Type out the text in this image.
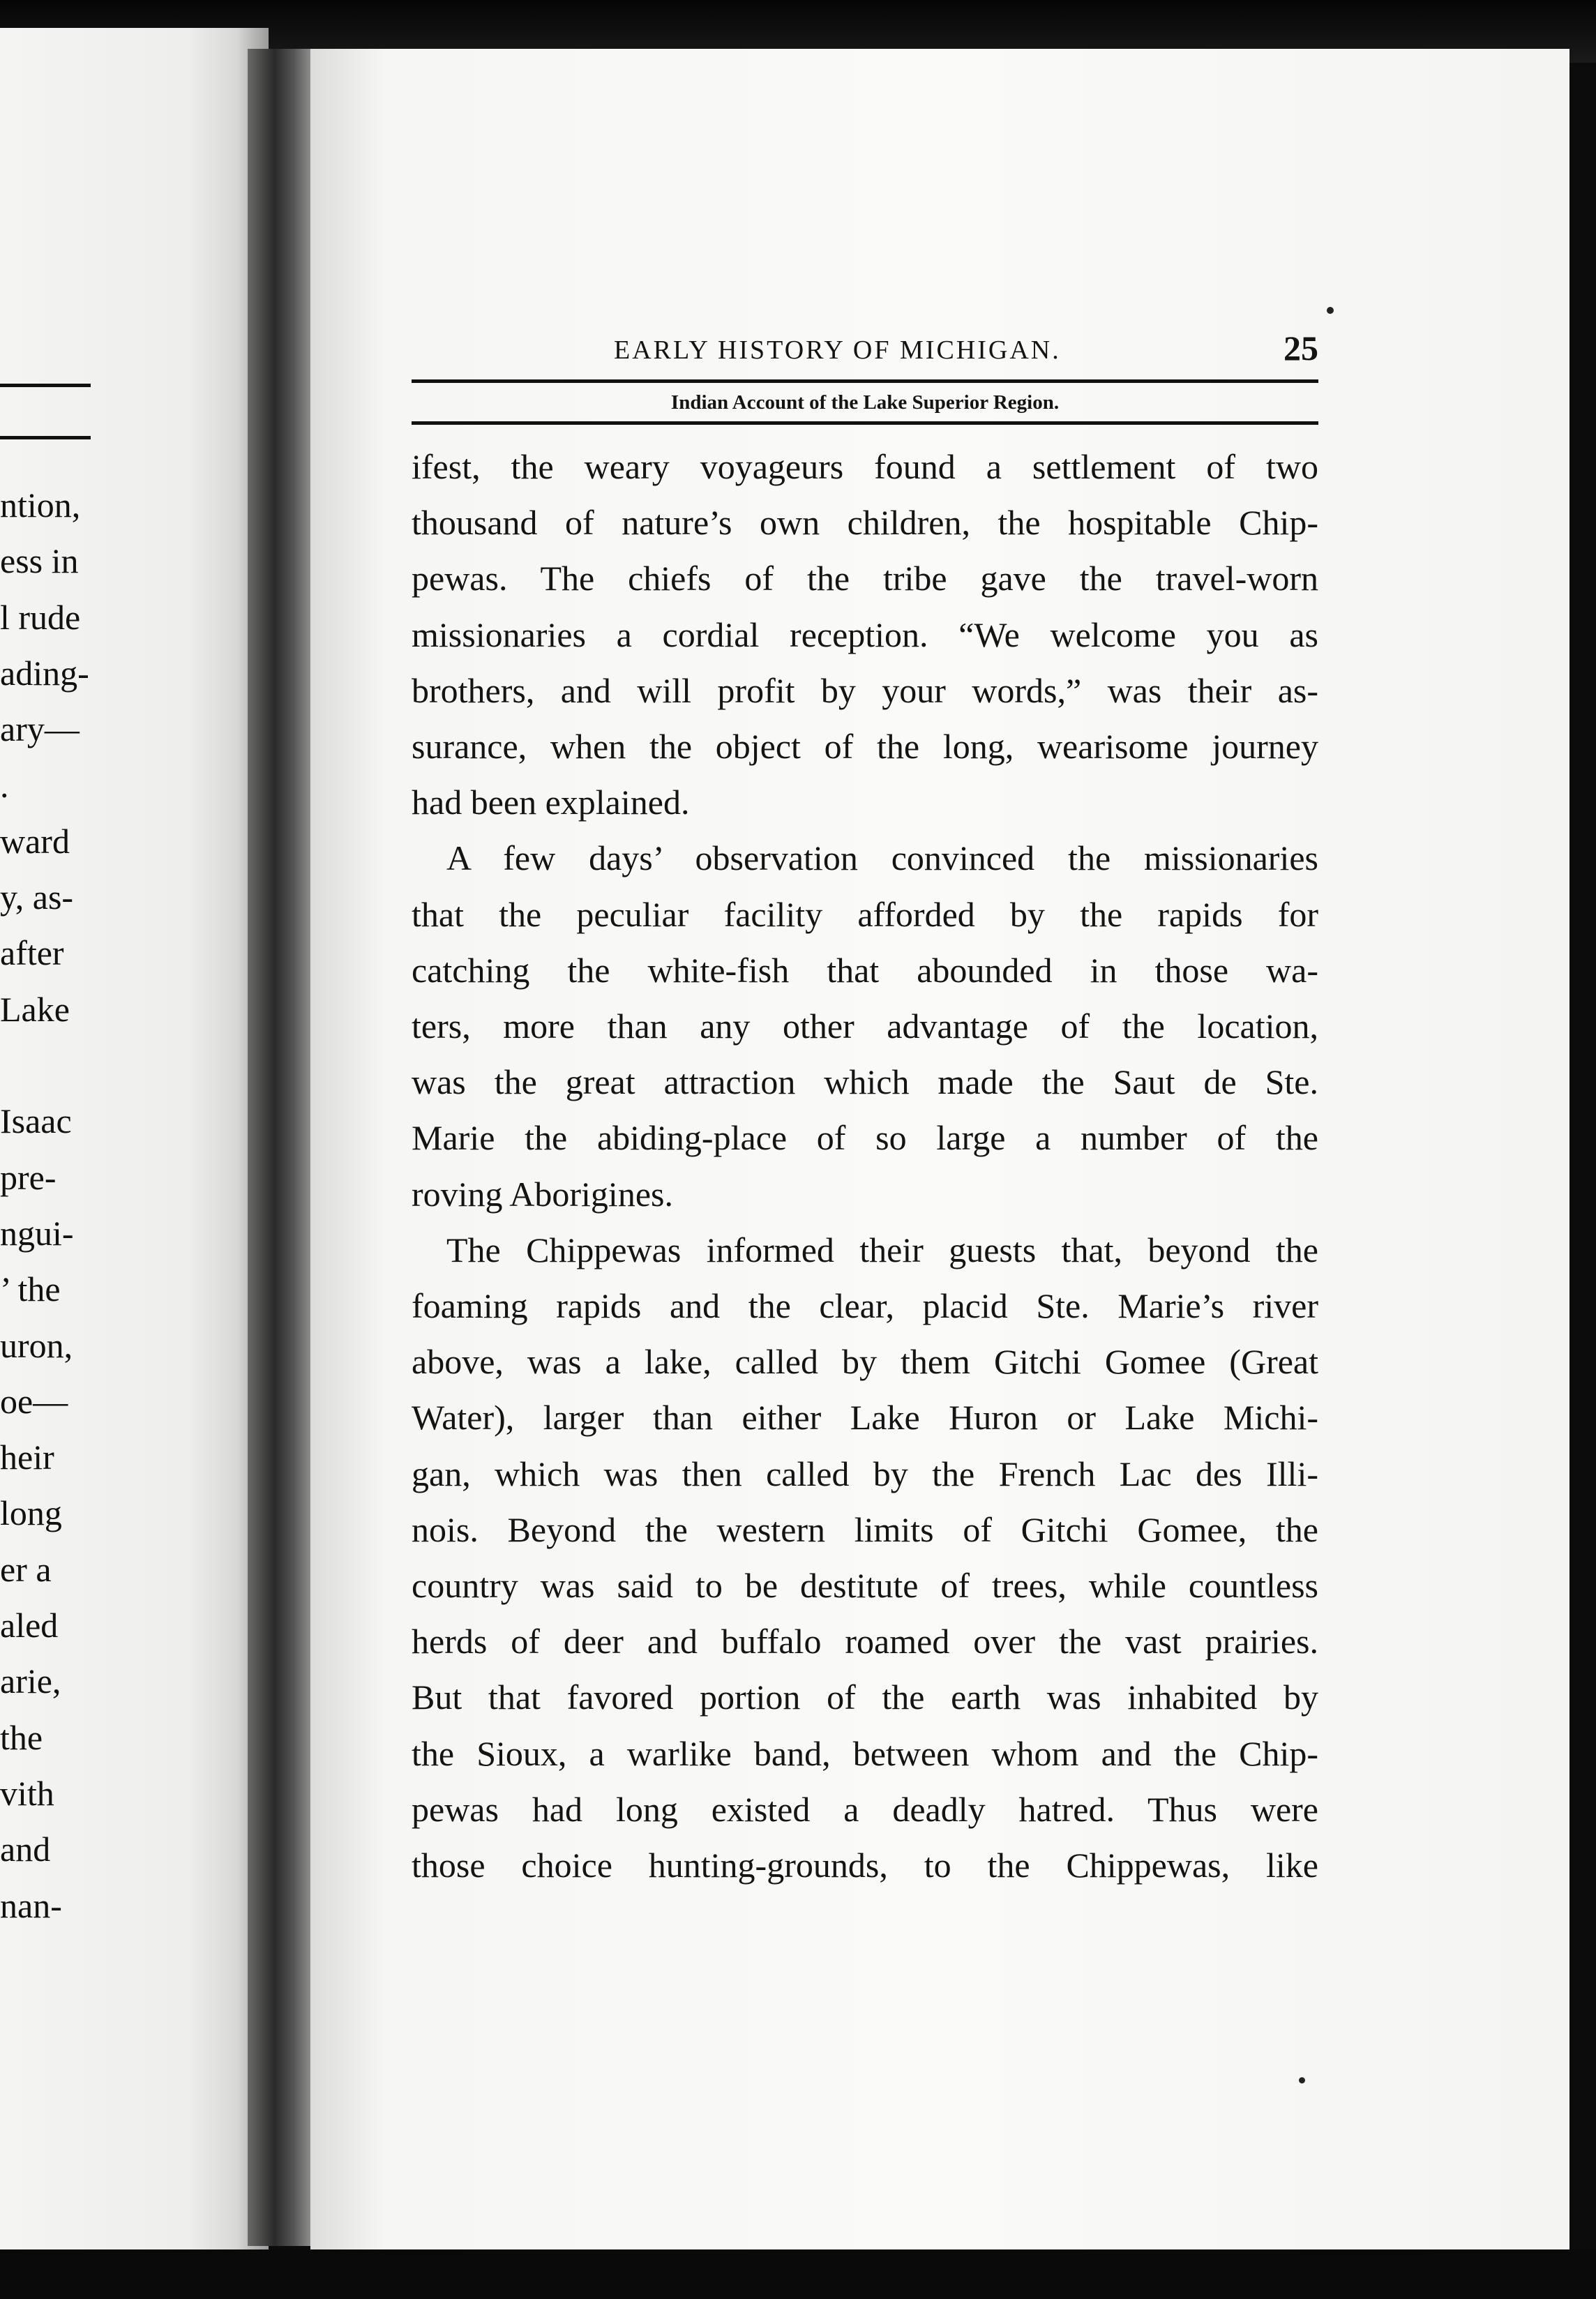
ntion,
ess in
l rude
ading-
ary—
.
ward
y, as-
after
Lake
Isaac
pre-
ngui-
’ the
uron,
oe—
heir
long
er a
aled
arie,
the
vith
and
nan-
EARLY HISTORY OF MICHIGAN.	25
Indian Account of the Lake Superior Region.
ifest, the weary voyageurs found a settlement of two
thousand of nature’s own children, the hospitable Chip-
pewas. The chiefs of the tribe gave the travel-worn
missionaries a cordial reception. “We welcome you as
brothers, and will profit by your words,” was their as-
surance, when the object of the long, wearisome journey
had been explained.
A few days’ observation convinced the missionaries
that the peculiar facility afforded by the rapids for
catching the white-fish that abounded in those wa-
ters, more than any other advantage of the location,
was the great attraction which made the Saut de Ste.
Marie the abiding-place of so large a number of the
roving Aborigines.
The Chippewas informed their guests that, beyond the
foaming rapids and the clear, placid Ste. Marie’s river
above, was a lake, called by them Gitchi Gomee (Great
Water), larger than either Lake Huron or Lake Michi-
gan, which was then called by the French Lac des Illi-
nois. Beyond the western limits of Gitchi Gomee, the
country was said to be destitute of trees, while countless
herds of deer and buffalo roamed over the vast prairies.
But that favored portion of the earth was inhabited by
the Sioux, a warlike band, between whom and the Chip-
pewas had long existed a deadly hatred. Thus were
those choice hunting-grounds, to the Chippewas, like
